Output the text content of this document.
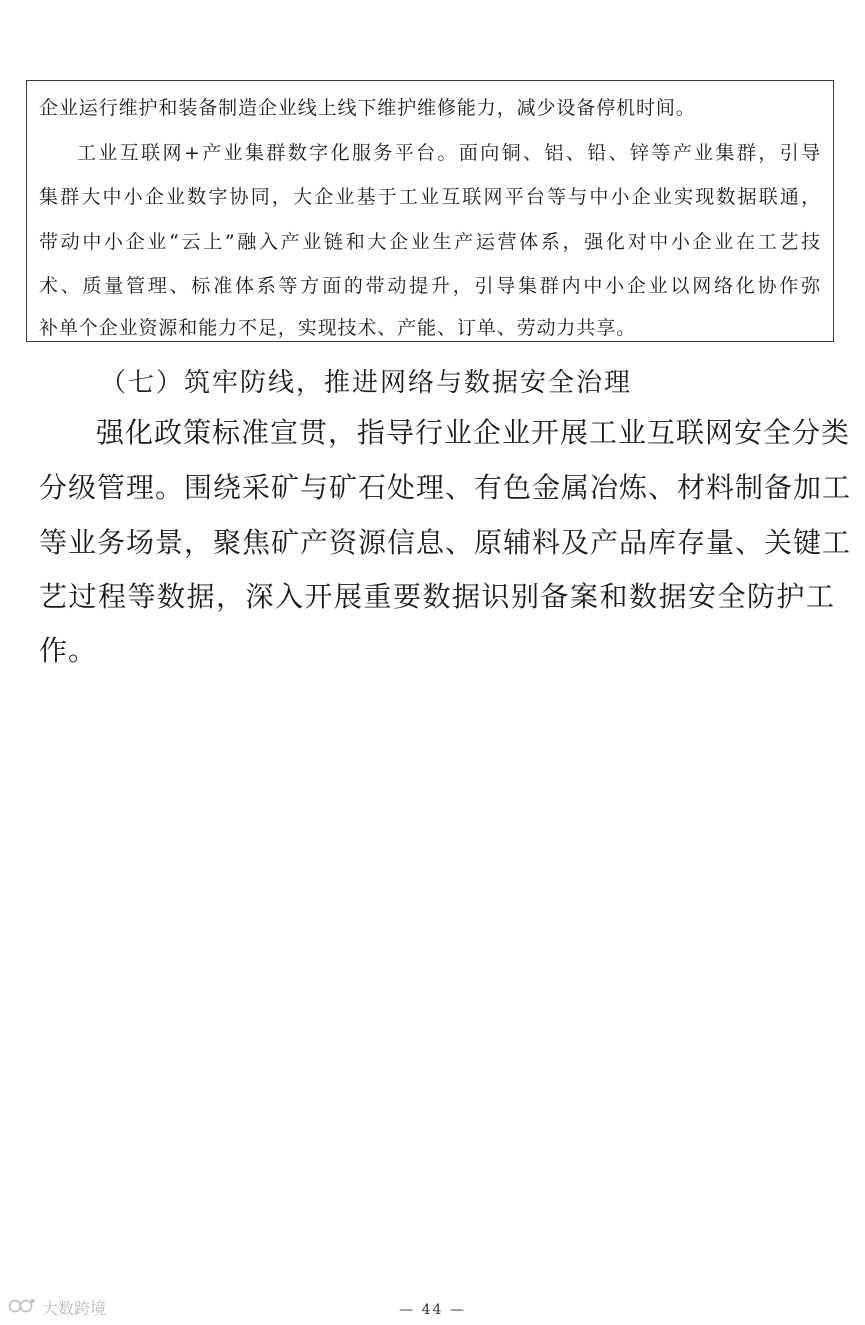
企业运行维护和装备制造企业线上线下维护维修能力，减少设备停机时间。
工业互联网+产业集群数字化服务平台。面向铜、铝、铅、锌等产业集群，引导
集群大中小企业数字协同，大企业基于工业互联网平台等与中小企业实现数据联通，
带动中小企业“云上”融入产业链和大企业生产运营体系，强化对中小企业在工艺技
术、质量管理、标准体系等方面的带动提升，引导集群内中小企业以网络化协作弥
补单个企业资源和能力不足，实现技术、产能、订单、劳动力共享。
（七）筑牢防线，推进网络与数据安全治理
强化政策标准宣贯，指导行业企业开展工业互联网安全分类
分级管理。围绕采矿与矿石处理、有色金属冶炼、材料制备加工
等业务场景，聚焦矿产资源信息、原辅料及产品库存量、关键工
艺过程等数据，深入开展重要数据识别备案和数据安全防护工
作。
大数跨境	— 44 —
